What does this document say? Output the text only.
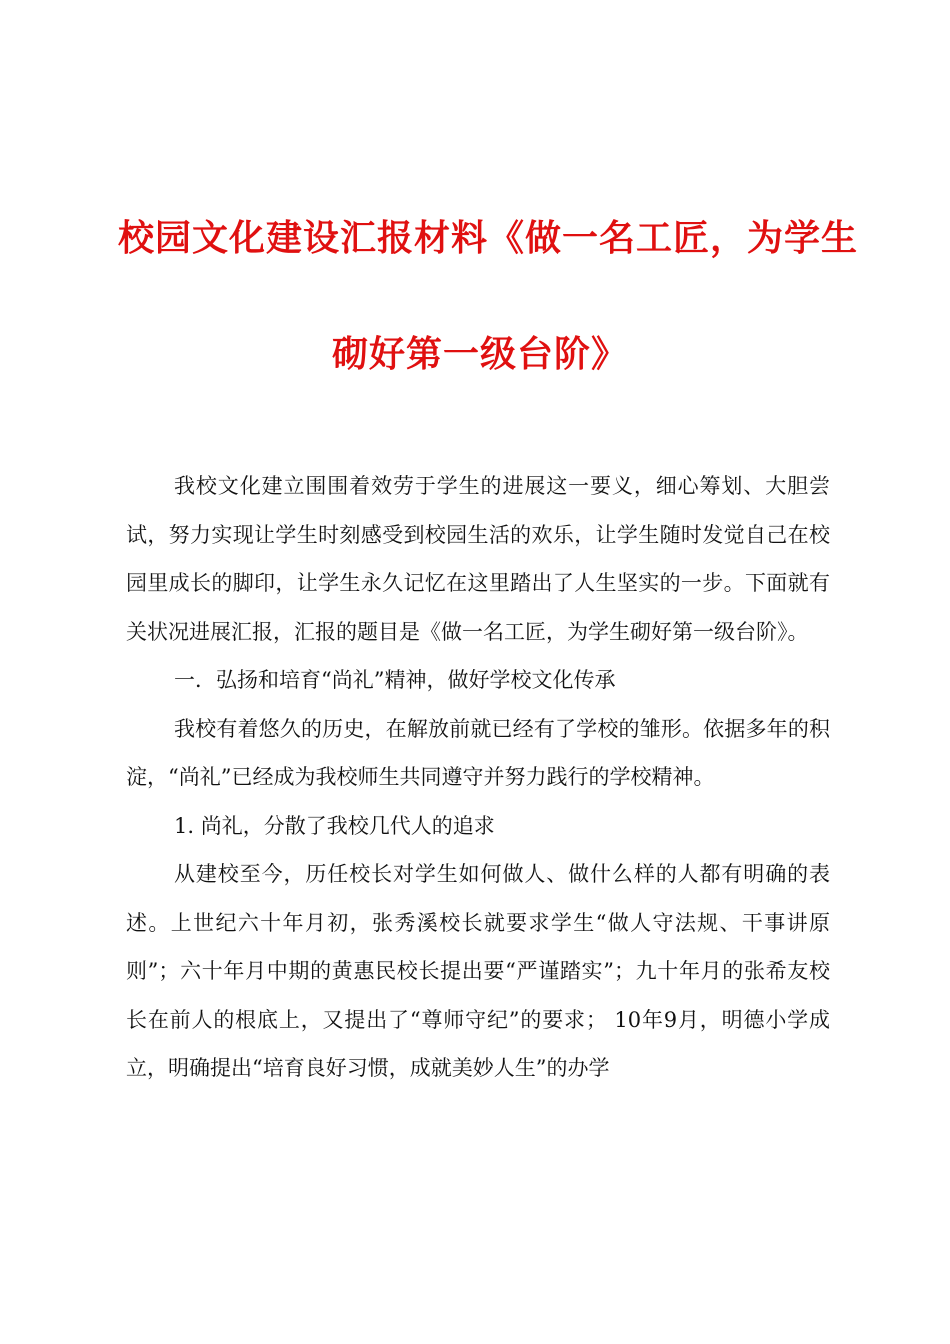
校园文化建设汇报材料《做一名工匠，为学生
砌好第一级台阶》

我校文化建立围围着效劳于学生的进展这一要义，细心筹划、大胆尝试，努力实现让学生时刻感受到校园生活的欢乐，让学生随时发觉自己在校园里成长的脚印，让学生永久记忆在这里踏出了人生坚实的一步。下面就有关状况进展汇报，汇报的题目是《做一名工匠，为学生砌好第一级台阶》。

一．弘扬和培育“尚礼”精神，做好学校文化传承

我校有着悠久的历史，在解放前就已经有了学校的雏形。依据多年的积淀，“尚礼”已经成为我校师生共同遵守并努力践行的学校精神。

1. 尚礼，分散了我校几代人的追求

从建校至今，历任校长对学生如何做人、做什么样的人都有明确的表述。上世纪六十年月初，张秀溪校长就要求学生“做人守法规、干事讲原则”；六十年月中期的黄惠民校长提出要“严谨踏实”；九十年月的张希友校长在前人的根底上，又提出了“尊师守纪”的要求； 10年9月，明德小学成立，明确提出“培育良好习惯，成就美妙人生”的办学
